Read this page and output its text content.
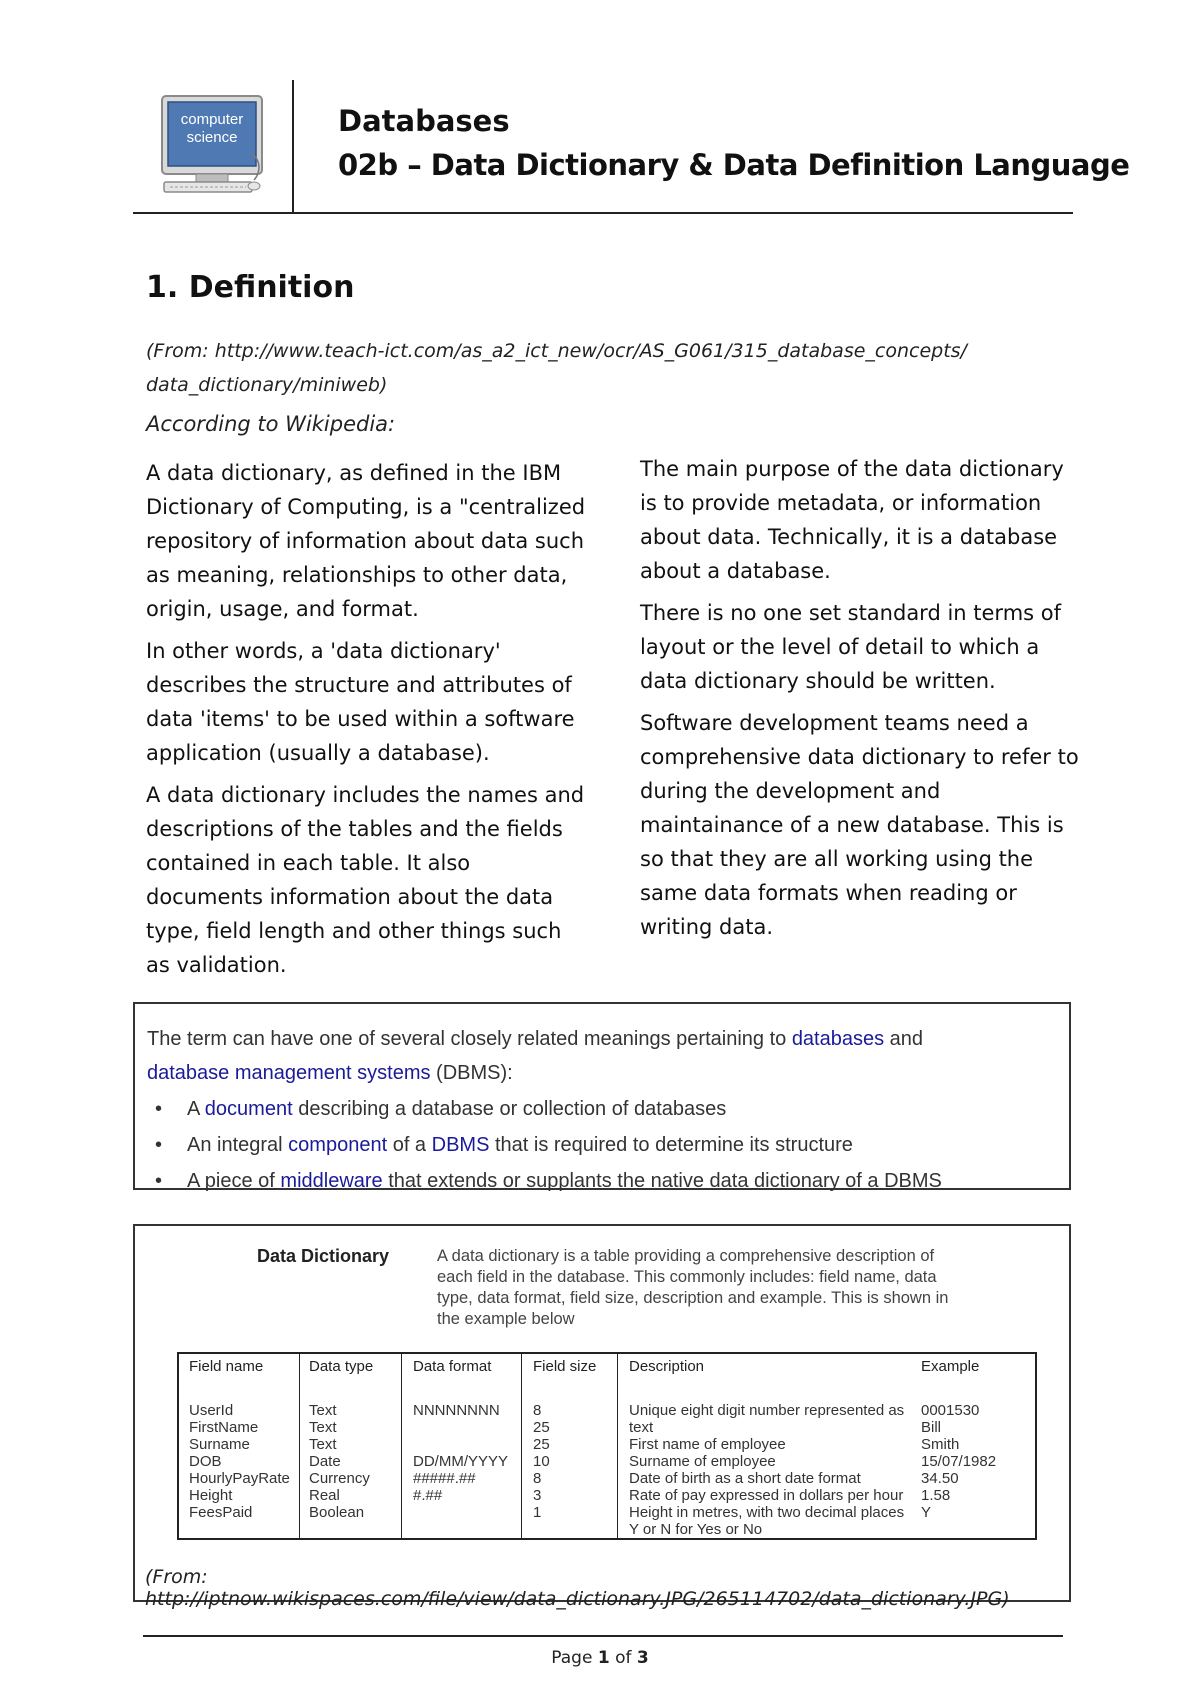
computer
science	Databases
02b – Data Dictionary & Data Definition Language
1. Definition
(From: http://www.teach-ict.com/as_a2_ict_new/ocr/AS_G061/315_database_concepts/ data_dictionary/miniweb)
According to Wikipedia:

A data dictionary, as defined in the IBM Dictionary of Computing, is a "centralized repository of information about data such as meaning, relationships to other data, origin, usage, and format.

In other words, a 'data dictionary' describes the structure and attributes of data 'items' to be used within a software application (usually a database).

A data dictionary includes the names and descriptions of the tables and the fields contained in each table. It also documents information about the data type, field length and other things such as validation.

The main purpose of the data dictionary is to provide metadata, or information about data. Technically, it is a database about a database.

There is no one set standard in terms of layout or the level of detail to which a data dictionary should be written.

Software development teams need a comprehensive data dictionary to refer to during the development and maintainance of a new database. This is so that they are all working using the same data formats when reading or writing data.

The term can have one of several closely related meanings pertaining to databases and
database management systems (DBMS):
• A document describing a database or collection of databases
• An integral component of a DBMS that is required to determine its structure
• A piece of middleware that extends or supplants the native data dictionary of a DBMS
Data Dictionary	A data dictionary is a table providing a comprehensive description of each field in the database. This commonly includes: field name, data type, data format, field size, description and example. This is shown in the example below
Field name
UserId
FirstName
Surname
DOB
HourlyPayRate
Height
FeesPaid
Data type
Text
Text
Text
Date
Currency
Real
Boolean
Data format
NNNNNNNN
DD/MM/YYYY
#####.##
#.##
Field size
8
25
25
10
8
3
1
Description
Unique eight digit number represented as
text
First name of employee
Surname of employee
Date of birth as a short date format
Rate of pay expressed in dollars per hour
Height in metres, with two decimal places
Y or N for Yes or No
Example
0001530
Bill
Smith
15/07/1982
34.50
1.58
Y
(From: http://iptnow.wikispaces.com/file/view/data_dictionary.JPG/265114702/data_dictionary.JPG)
Page 1 of 3
